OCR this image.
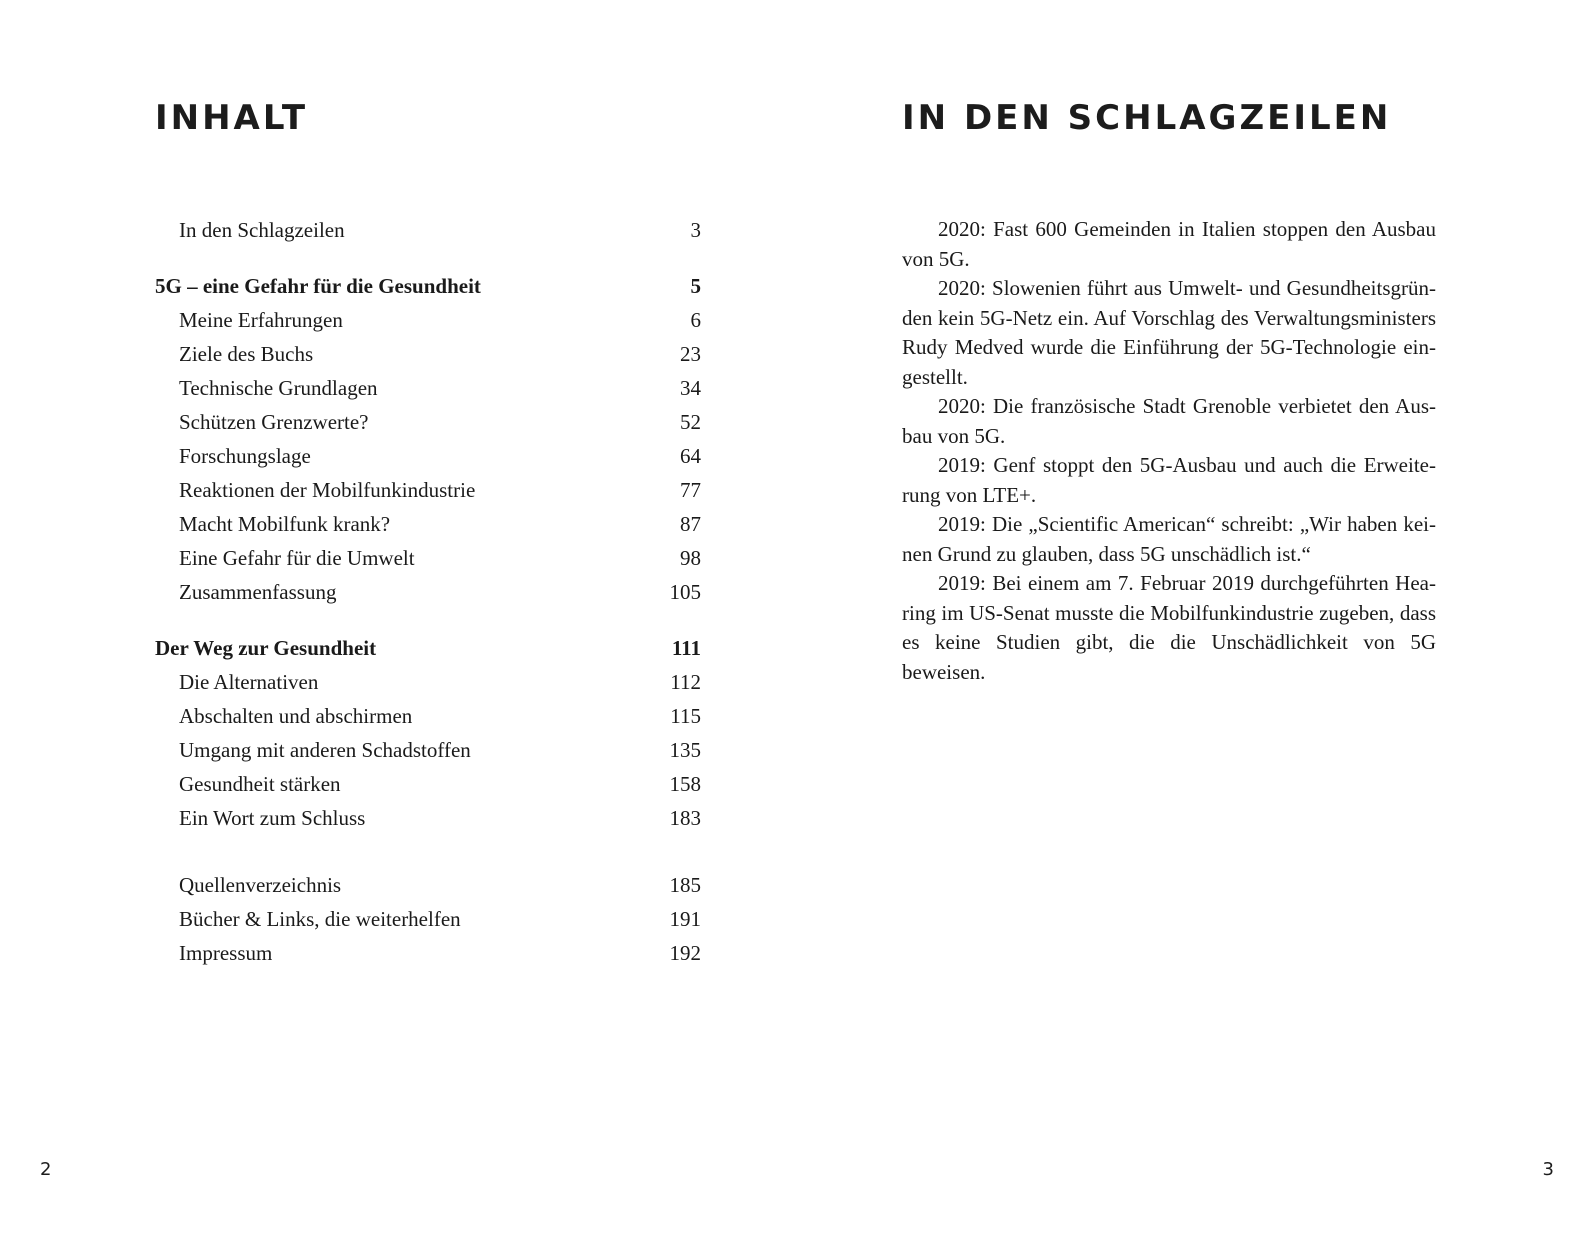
INHALT
In den Schlagzeilen	3
5G – eine Gefahr für die Gesundheit	5
Meine Erfahrungen	6
Ziele des Buchs	23
Technische Grundlagen	34
Schützen Grenzwerte?	52
Forschungslage	64
Reaktionen der Mobilfunkindustrie	77
Macht Mobilfunk krank?	87
Eine Gefahr für die Umwelt	98
Zusammenfassung	105
Der Weg zur Gesundheit	111
Die Alternativen	112
Abschalten und abschirmen	115
Umgang mit anderen Schadstoffen	135
Gesundheit stärken	158
Ein Wort zum Schluss	183
Quellenverzeichnis	185
Bücher & Links, die weiterhelfen	191
Impressum	192
2
IN DEN SCHLAGZEILEN

2020: Fast 600 Gemeinden in Italien stoppen den Ausbau von 5G.

2020: Slowenien führt aus Umwelt- und Gesundheitsgründen kein 5G-Netz ein. Auf Vorschlag des Verwaltungsministers Rudy Medved wurde die Einführung der 5G-Technologie eingestellt.

2020: Die französische Stadt Grenoble verbietet den Ausbau von 5G.

2019: Genf stoppt den 5G-Ausbau und auch die Erweiterung von LTE+.

2019: Die „Scientific American“ schreibt: „Wir haben keinen Grund zu glauben, dass 5G unschädlich ist.“

2019: Bei einem am 7. Februar 2019 durchgeführten Hearing im US-Senat musste die Mobilfunkindustrie zugeben, dass es keine Studien gibt, die die Unschädlichkeit von 5G beweisen.

3
